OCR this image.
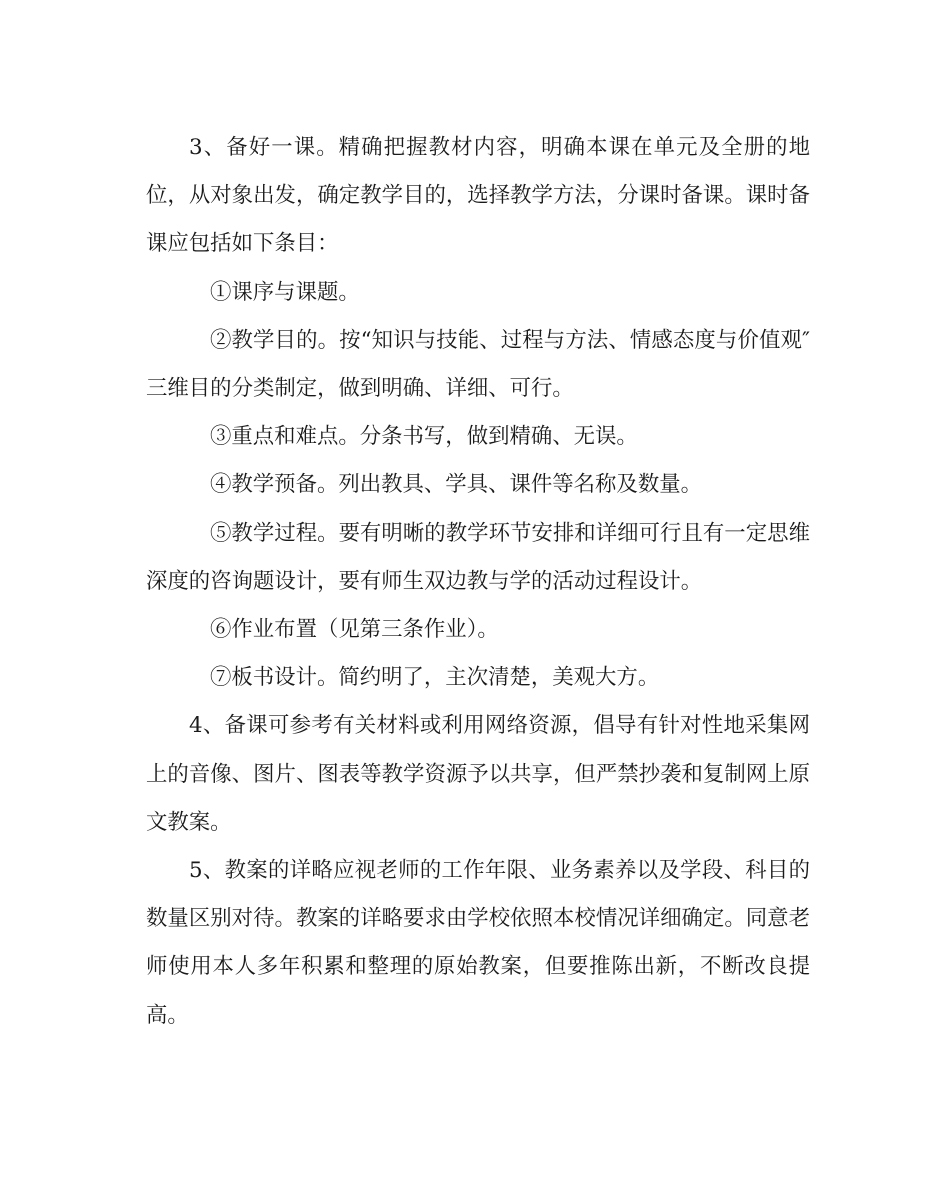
3、备好一课。精确把握教材内容，明确本课在单元及全册的地位，从对象出发，确定教学目的，选择教学方法，分课时备课。课时备课应包括如下条目：

①课序与课题。

②教学目的。按“知识与技能、过程与方法、情感态度与价值观″三维目的分类制定，做到明确、详细、可行。

③重点和难点。分条书写，做到精确、无误。

④教学预备。列出教具、学具、课件等名称及数量。

⑤教学过程。要有明晰的教学环节安排和详细可行且有一定思维深度的咨询题设计，要有师生双边教与学的活动过程设计。

⑥作业布置（见第三条作业）。

⑦板书设计。简约明了，主次清楚，美观大方。

4、备课可参考有关材料或利用网络资源，倡导有针对性地采集网上的音像、图片、图表等教学资源予以共享，但严禁抄袭和复制网上原文教案。

5、教案的详略应视老师的工作年限、业务素养以及学段、科目的数量区别对待。教案的详略要求由学校依照本校情况详细确定。同意老师使用本人多年积累和整理的原始教案，但要推陈出新，不断改良提高。
